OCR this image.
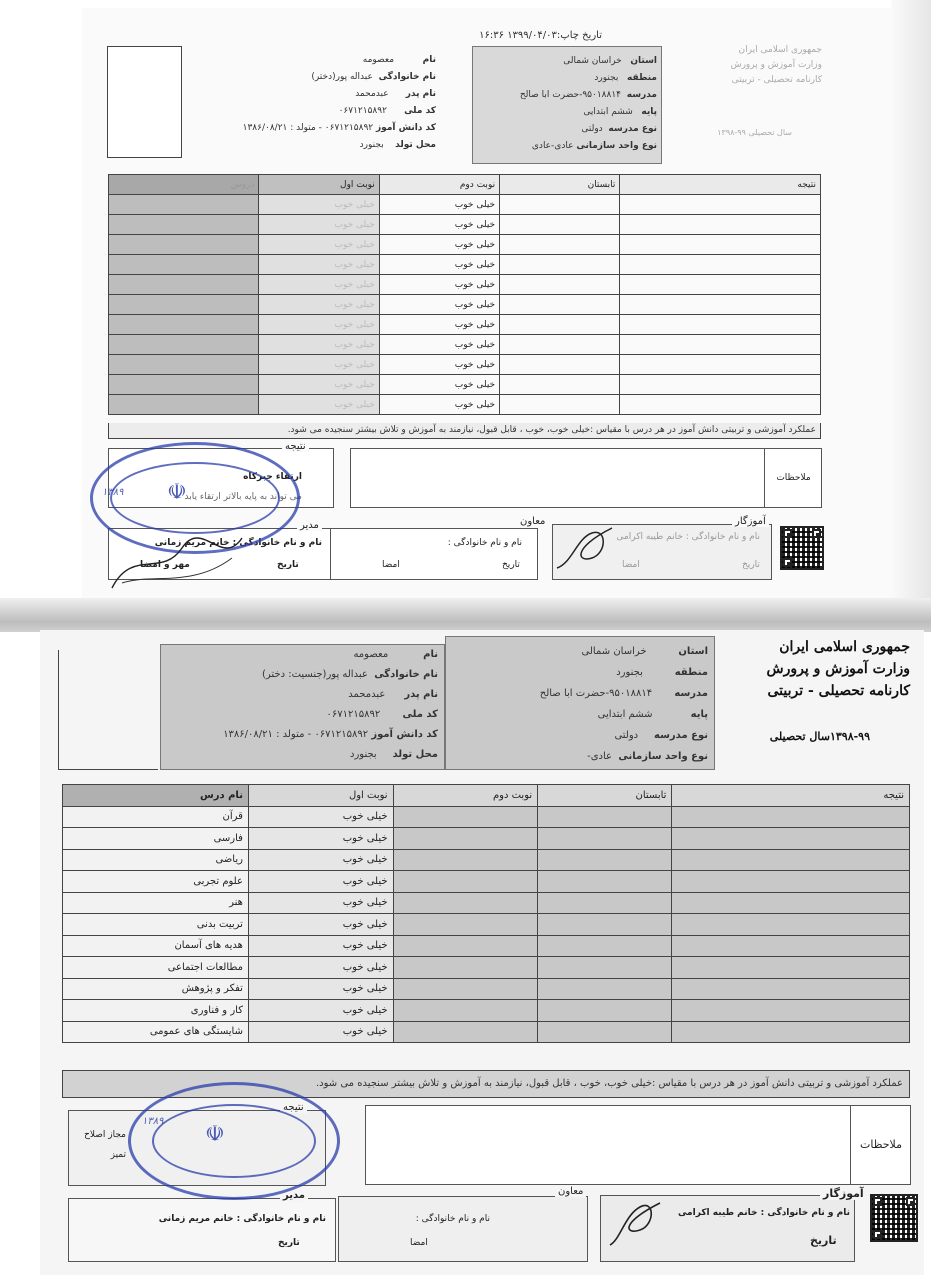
تاریخ چاپ:۱۳۹۹/۰۴/۰۳ ۱۶:۳۶
جمهوری اسلامی ایران
وزارت آموزش و پرورش
کارنامه تحصیلی - تربیتی
سال تحصیلی ۹۹-۱۳۹۸
استان   خراسان شمالی
منطقه   بجنورد
مدرسه  ۹۵۰۱۸۸۱۴-حضرت ابا صالح
پایه   ششم ابتدایی
نوع مدرسه  دولتی
نوع واحد سازمانی عادی-عادی
نام          معصومه
نام خانوادگی  عبداله پور(دختر)
نام پدر      عبدمحمد
کد ملی      ۰۶۷۱۲۱۵۸۹۲
کد دانش آموز ۰۶۷۱۲۱۵۸۹۲ - متولد : ۱۳۸۶/۰۸/۲۱
محل تولد    بجنورد
نتیجه	تابستان	نوبت دوم	نوبت اول	دروس
		خیلی خوب	خیلی خوب	
		خیلی خوب	خیلی خوب	
		خیلی خوب	خیلی خوب	
		خیلی خوب	خیلی خوب	
		خیلی خوب	خیلی خوب	
		خیلی خوب	خیلی خوب	
		خیلی خوب	خیلی خوب	
		خیلی خوب	خیلی خوب	
		خیلی خوب	خیلی خوب	
		خیلی خوب	خیلی خوب	
		خیلی خوب	خیلی خوب	
عملکرد آموزشی و تربیتی دانش آموز در هر درس با مقیاس :خیلی خوب، خوب ، قابل قبول، نیازمند به آموزش و تلاش بیشتر سنجیده می شود.
نتیجه
ارتقاء جبرکاه
می تواند به پایه بالاتر ارتقاء یابد
ملاحظات
مدیر
نام و نام خانوادگی : خانم مریم زمانی
تاریخ
مهر و امضا
معاون
نام و نام خانوادگی :
تاریخ
امضا
آموزگار
نام و نام خانوادگی : خانم طیبه اکرامی
تاریخ
امضا
☫
۱۳۸۹
جمهوری اسلامی ایران
وزارت آموزش و پرورش
کارنامه تحصیلی - تربیتی
۱۳۹۸-۹۹سال تحصیلی
استان          خراسان شمالی
منطقه          بجنورد
مدرسه       ۹۵۰۱۸۸۱۴-حضرت ابا صالح
پایه            ششم ابتدایی
نوع مدرسه     دولتی
نوع واحد سازمانی  عادی-
نام           معصومه
نام خانوادگی  عبداله پور(جنسیت: دختر)
نام پدر      عبدمحمد
کد ملی       ۰۶۷۱۲۱۵۸۹۲
کد دانش آموز ۰۶۷۱۲۱۵۸۹۲ - متولد : ۱۳۸۶/۰۸/۲۱
محل تولد     بجنورد
نتیجه	تابستان	نوبت دوم	نوبت اول	نام درس
			خیلی خوب	قرآن
			خیلی خوب	فارسی
			خیلی خوب	ریاضی
			خیلی خوب	علوم تجربی
			خیلی خوب	هنر
			خیلی خوب	تربیت بدنی
			خیلی خوب	هدیه های آسمان
			خیلی خوب	مطالعات اجتماعی
			خیلی خوب	تفکر و پژوهش
			خیلی خوب	کار و فناوری
			خیلی خوب	شایستگی های عمومی
عملکرد آموزشی و تربیتی دانش آموز در هر درس با مقیاس :خیلی خوب، خوب ، قابل قبول، نیازمند به آموزش و تلاش بیشتر سنجیده می شود.
نتیجه
مجاز اصلاح
تمیز
ملاحظات
مدیر
نام و نام خانوادگی : خانم مریم زمانی
تاریخ
معاون
نام و نام خانوادگی :
امضا
آموزگار
نام و نام خانوادگی : خانم طیبه اکرامی
تاریخ
☫
۱۳۸۹
